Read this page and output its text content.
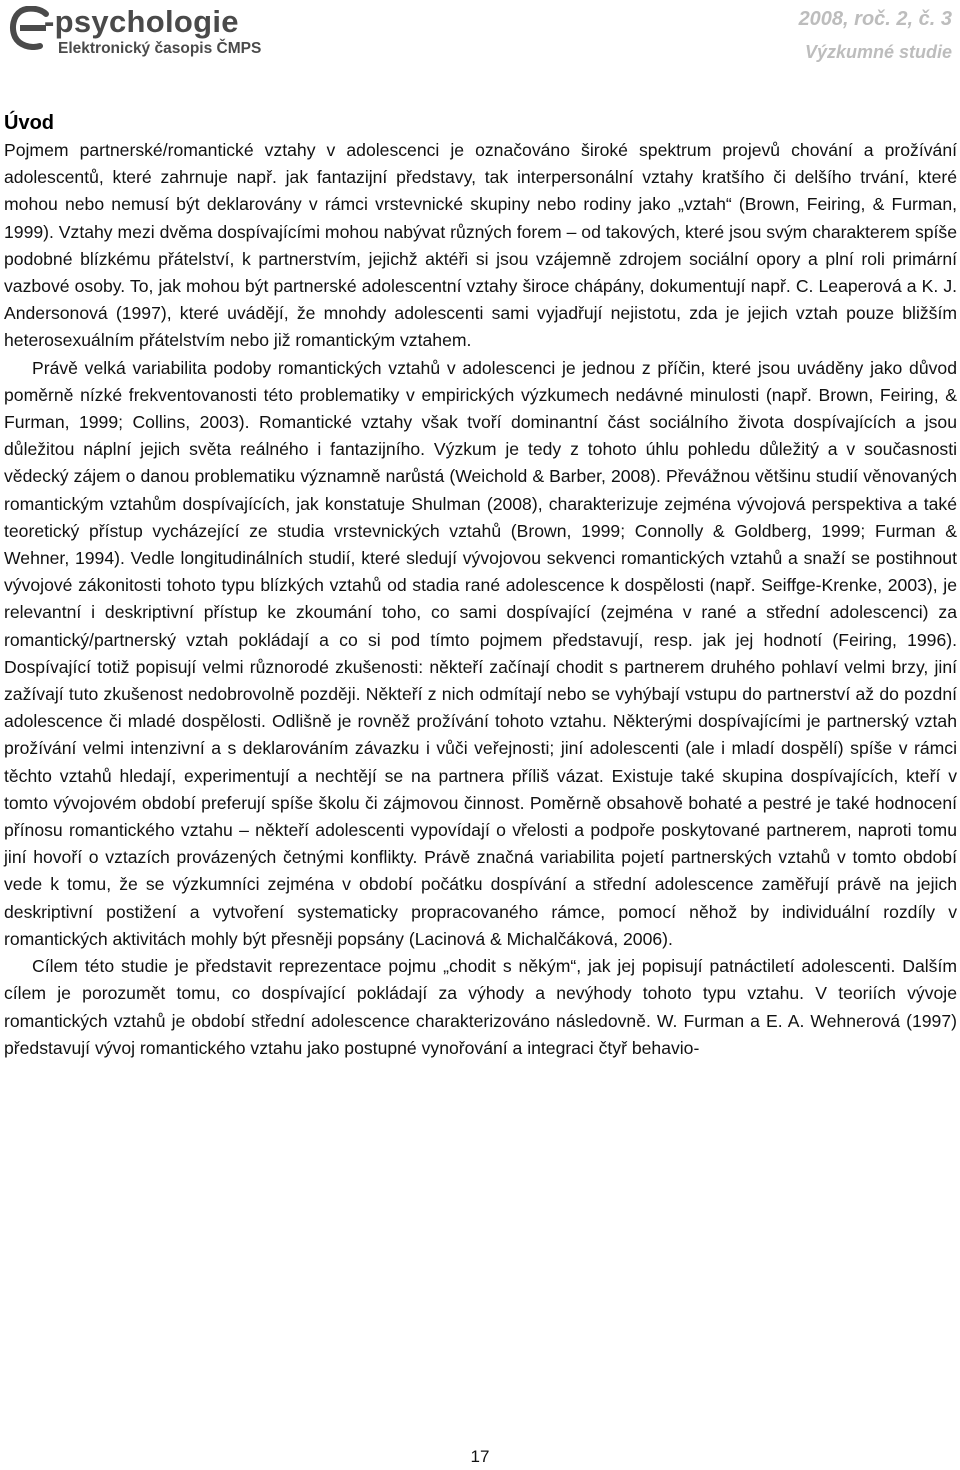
-psychologie
Elektronický časopis ČMPS
2008, roč. 2, č. 3
Výzkumné studie
Úvod

Pojmem partnerské/romantické vztahy v adolescenci je označováno široké spektrum projevů chování a prožívání adolescentů, které zahrnuje např. jak fantazijní představy, tak interpersonální vztahy kratšího či delšího trvání, které mohou nebo nemusí být deklarovány v rámci vrstevnické skupiny nebo rodiny jako „vztah“ (Brown, Feiring, & Furman, 1999). Vztahy mezi dvěma dospívajícími mohou nabývat různých forem – od takových, které jsou svým charakterem spíše podobné blízkému přátelství, k partnerstvím, jejichž aktéři si jsou vzájemně zdrojem sociální opory a plní roli primární vazbové osoby. To, jak mohou být partnerské adolescentní vztahy široce chápány, dokumentují např. C. Leaperová a K. J. Andersonová (1997), které uvádějí, že mnohdy adolescenti sami vyjadřují nejistotu, zda je jejich vztah pouze bližším heterosexuálním přátelstvím nebo již romantickým vztahem.

Právě velká variabilita podoby romantických vztahů v adolescenci je jednou z příčin, které jsou uváděny jako důvod poměrně nízké frekventovanosti této problematiky v empirických výzkumech nedávné minulosti (např. Brown, Feiring, & Furman, 1999; Collins, 2003). Romantické vztahy však tvoří dominantní část sociálního života dospívajících a jsou důležitou náplní jejich světa reálného i fantazijního. Výzkum je tedy z tohoto úhlu pohledu důležitý a v současnosti vědecký zájem o danou problematiku významně narůstá (Weichold & Barber, 2008). Převážnou většinu studií věnovaných romantickým vztahům dospívajících, jak konstatuje Shulman (2008), charakterizuje zejména vývojová perspektiva a také teoretický přístup vycházející ze studia vrstevnických vztahů (Brown, 1999; Connolly & Goldberg, 1999; Furman & Wehner, 1994). Vedle longitudinálních studií, které sledují vývojovou sekvenci romantických vztahů a snaží se postihnout vývojové zákonitosti tohoto typu blízkých vztahů od stadia rané adolescence k dospělosti (např. Seiffge-Krenke, 2003), je relevantní i deskriptivní přístup ke zkoumání toho, co sami dospívající (zejména v rané a střední adolescenci) za romantický/partnerský vztah pokládají a co si pod tímto pojmem představují, resp. jak jej hodnotí (Feiring, 1996). Dospívající totiž popisují velmi různorodé zkušenosti: někteří začínají chodit s partnerem druhého pohlaví velmi brzy, jiní zažívají tuto zkušenost nedobrovolně později. Někteří z nich odmítají nebo se vyhýbají vstupu do partnerství až do pozdní adolescence či mladé dospělosti. Odlišně je rovněž prožívání tohoto vztahu. Některými dospívajícími je partnerský vztah prožívání velmi intenzivní a s deklarováním závazku i vůči veřejnosti; jiní adolescenti (ale i mladí dospělí) spíše v rámci těchto vztahů hledají, experimentují a nechtějí se na partnera příliš vázat. Existuje také skupina dospívajících, kteří v tomto vývojovém období preferují spíše školu či zájmovou činnost. Poměrně obsahově bohaté a pestré je také hodnocení přínosu romantického vztahu – někteří adolescenti vypovídají o vřelosti a podpoře poskytované partnerem, naproti tomu jiní hovoří o vztazích provázených četnými konflikty. Právě značná variabilita pojetí partnerských vztahů v tomto období vede k tomu, že se výzkumníci zejména v období počátku dospívání a střední adolescence zaměřují právě na jejich deskriptivní postižení a vytvoření systematicky propracovaného rámce, pomocí něhož by individuální rozdíly v romantických aktivitách mohly být přesněji popsány (Lacinová & Michalčáková, 2006).

Cílem této studie je představit reprezentace pojmu „chodit s někým“, jak jej popisují patnáctiletí adolescenti. Dalším cílem je porozumět tomu, co dospívající pokládají za výhody a nevýhody tohoto typu vztahu. V teoriích vývoje romantických vztahů je období střední adolescence charakterizováno následovně. W. Furman a E. A. Wehnerová (1997) představují vývoj romantického vztahu jako postupné vynořování a integraci čtyř behavio-

17
